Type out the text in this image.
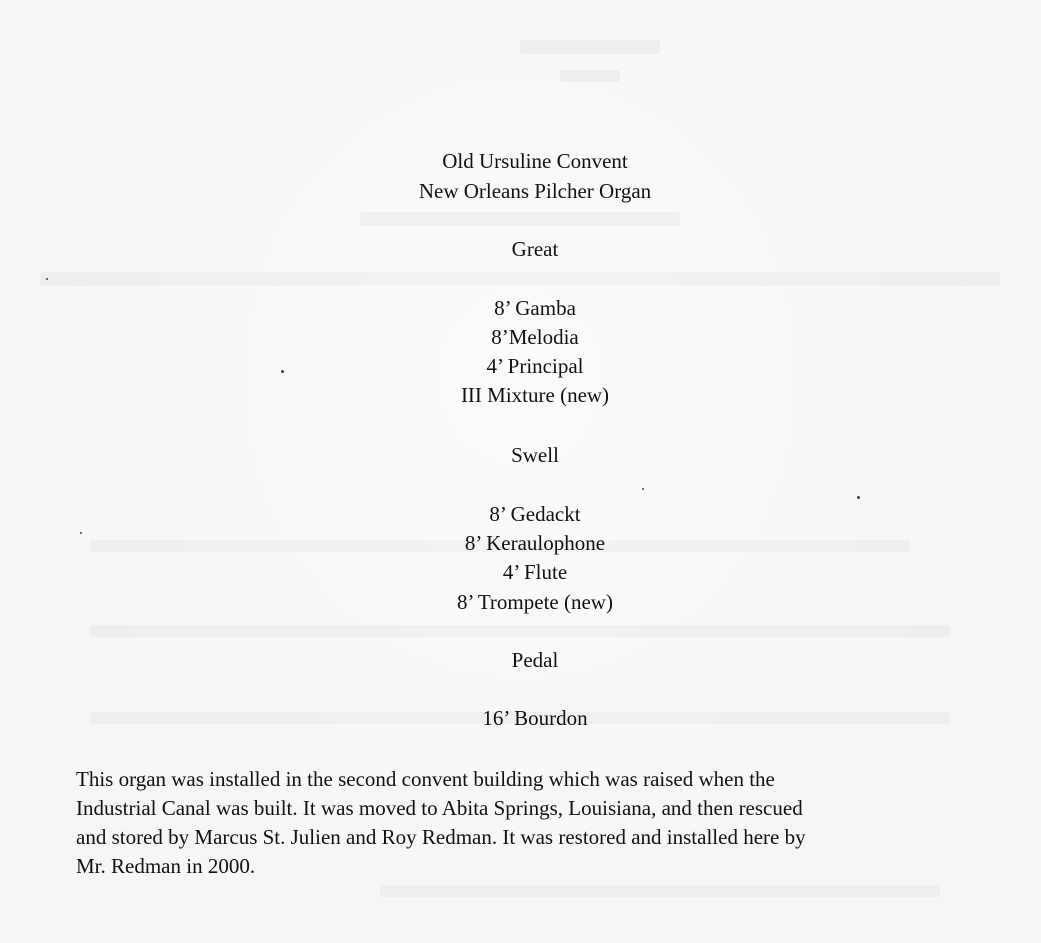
Old Ursuline Convent
New Orleans Pilcher Organ
Great
8’ Gamba
8’Melodia
4’ Principal
III Mixture (new)
Swell
8’ Gedackt
8’ Keraulophone
4’ Flute
8’ Trompete (new)
Pedal
16’ Bourdon
This organ was installed in the second convent building which was raised when the
Industrial Canal was built. It was moved to Abita Springs, Louisiana, and then rescued
and stored by Marcus St. Julien and Roy Redman. It was restored and installed here by
Mr. Redman in 2000.
